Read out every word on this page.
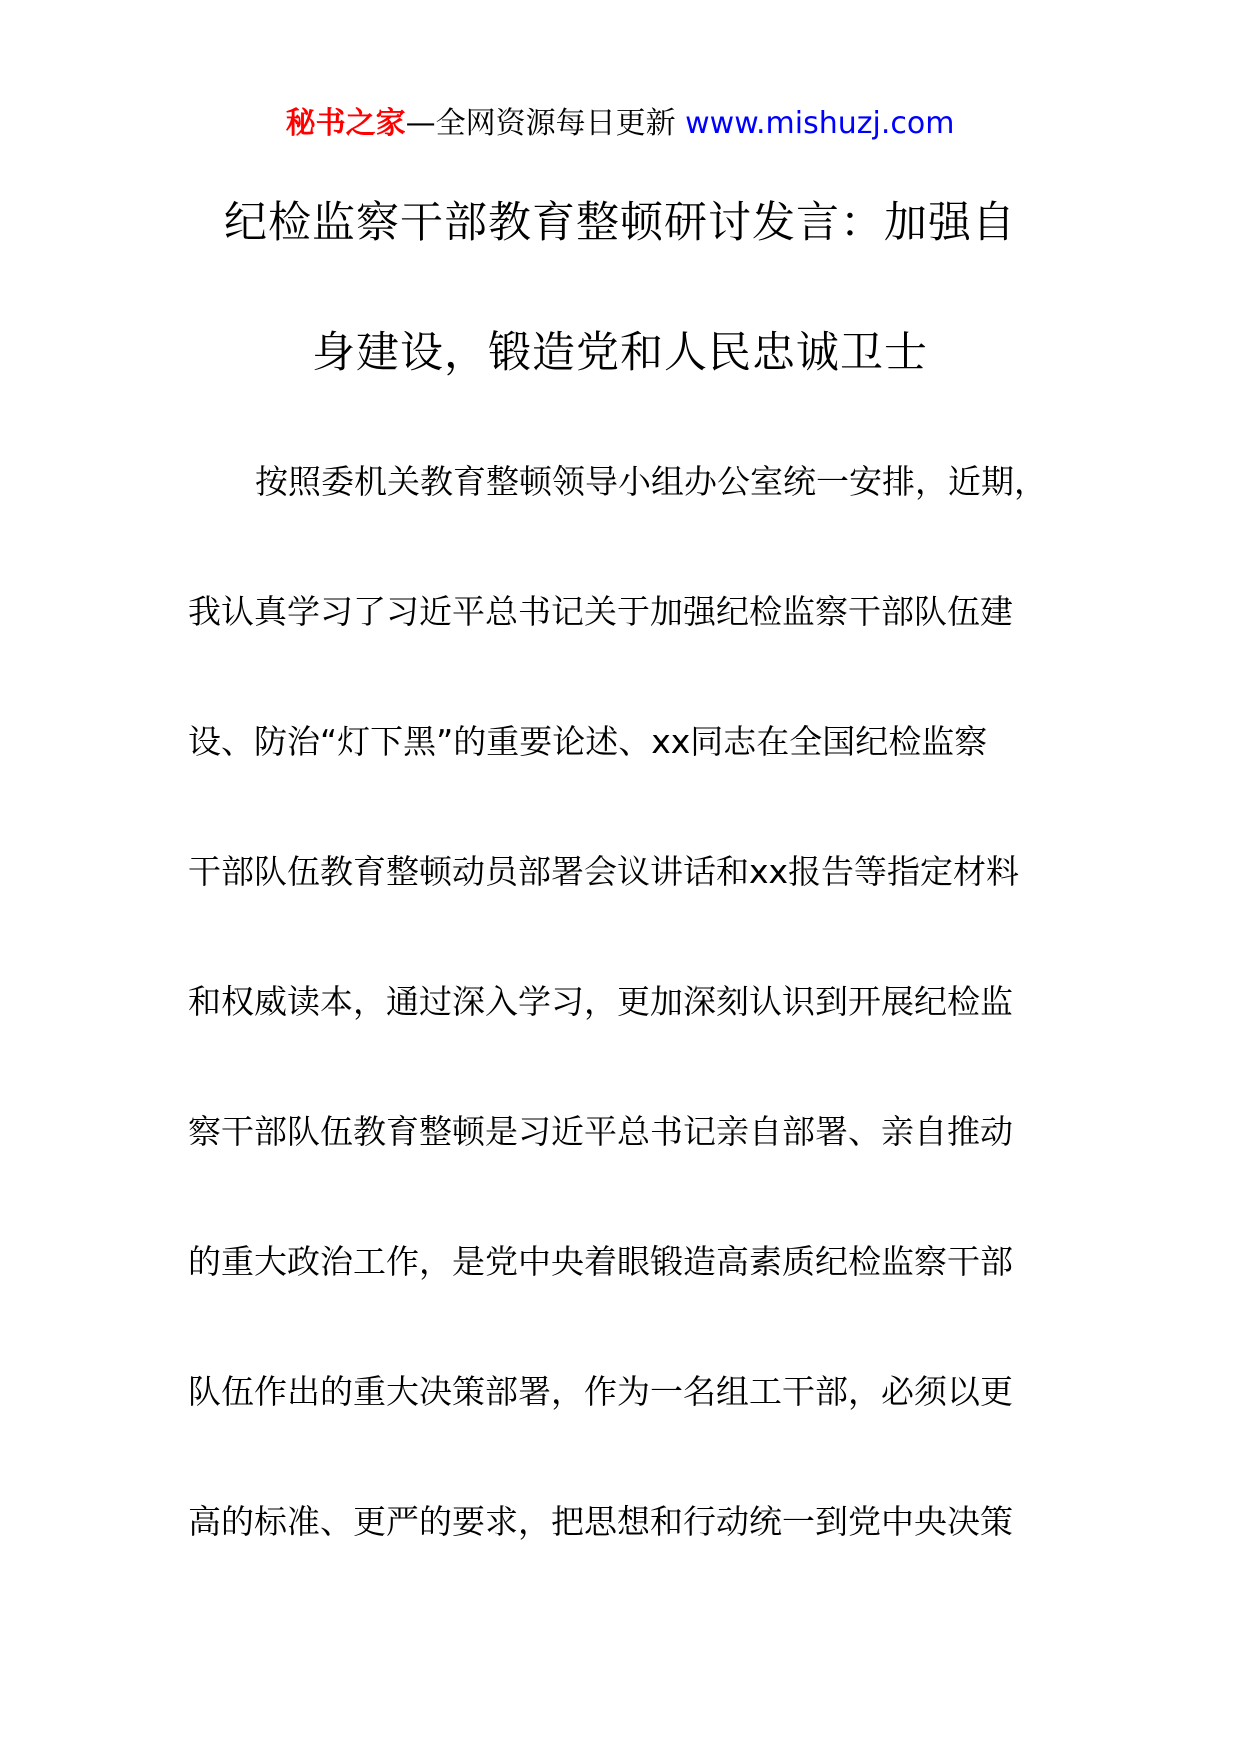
秘书之家—全网资源每日更新 www.mishuzj.com
纪检监察干部教育整顿研讨发言：加强自
身建设，锻造党和人民忠诚卫士
按照委机关教育整顿领导小组办公室统一安排，近期，
我认真学习了习近平总书记关于加强纪检监察干部队伍建
设、防治“灯下黑”的重要论述、xx同志在全国纪检监察
干部队伍教育整顿动员部署会议讲话和xx报告等指定材料
和权威读本，通过深入学习，更加深刻认识到开展纪检监
察干部队伍教育整顿是习近平总书记亲自部署、亲自推动
的重大政治工作，是党中央着眼锻造高素质纪检监察干部
队伍作出的重大决策部署，作为一名组工干部，必须以更
高的标准、更严的要求，把思想和行动统一到党中央决策
